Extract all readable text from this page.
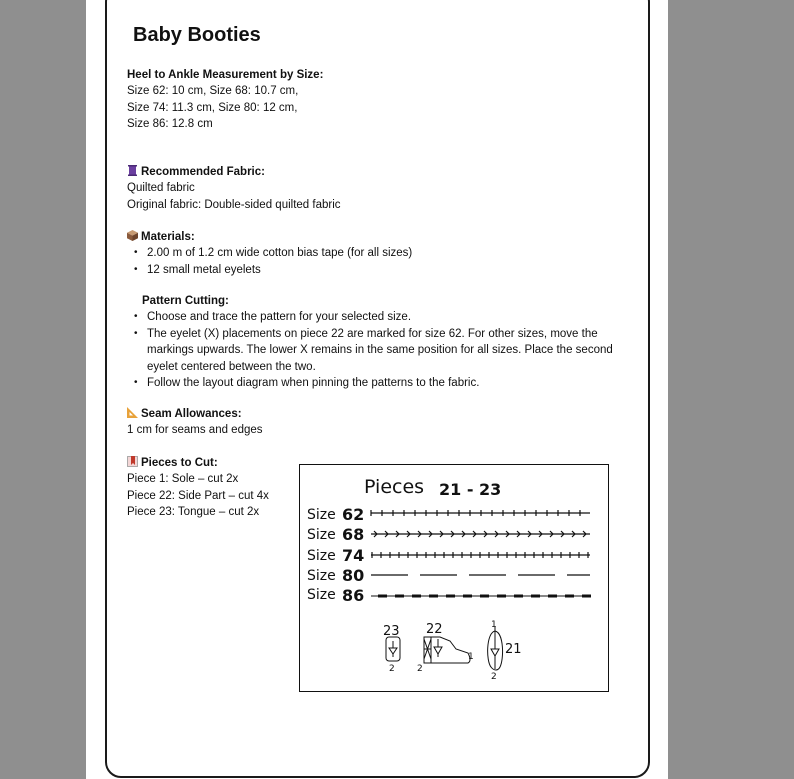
Baby Booties
Heel to Ankle Measurement by Size:
Size 62: 10 cm, Size 68: 10.7 cm,
Size 74: 11.3 cm, Size 80: 12 cm,
Size 86: 12.8 cm
Recommended Fabric:
Quilted fabric
Original fabric: Double-sided quilted fabric
Materials:
• 2.00 m of 1.2 cm wide cotton bias tape (for all sizes)
• 12 small metal eyelets
Pattern Cutting:
• Choose and trace the pattern for your selected size.
• The eyelet (X) placements on piece 22 are marked for size 62. For other sizes, move the markings upwards. The lower X remains in the same position for all sizes. Place the second eyelet centered between the two.
• Follow the layout diagram when pinning the patterns to the fabric.
Seam Allowances:
1 cm for seams and edges
Pieces to Cut:
Piece 1: Sole – cut 2x
Piece 22: Side Part – cut 4x
Piece 23: Tongue – cut 2x
Pieces 21 - 23
Size 62
Size 68
Size 74
Size 80
Size 86
23
2
22
2
1
1
21
2
